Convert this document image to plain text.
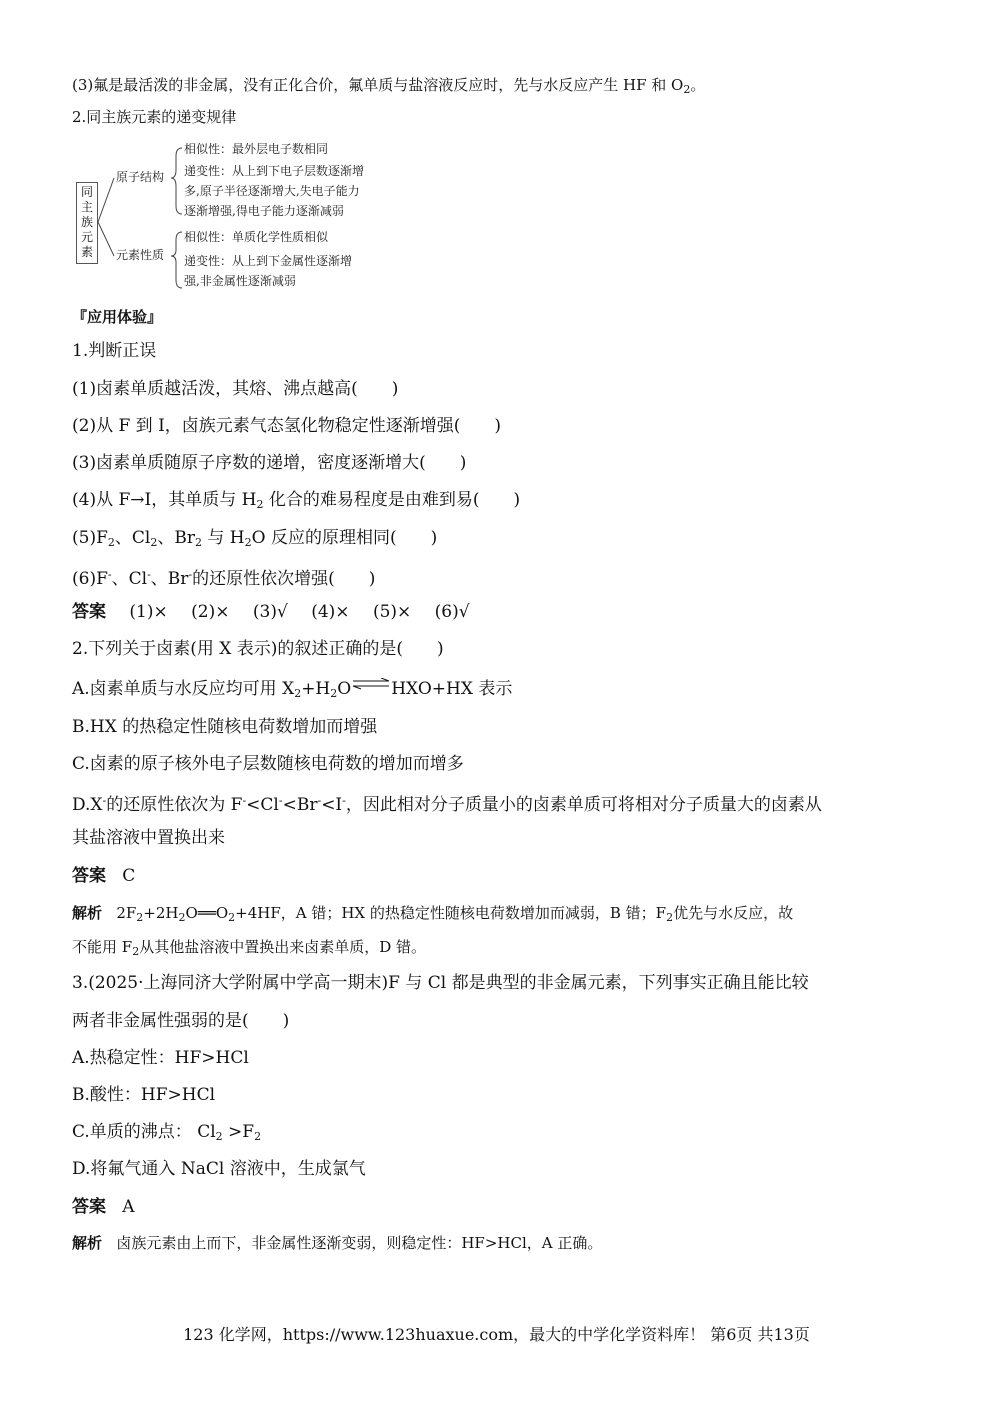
(3)氟是最活泼的非金属，没有正化合价，氟单质与盐溶液反应时，先与水反应产生 HF 和 $O_2$。
2.同主族元素的递变规律
同
主
族
元
素
原子结构
元素性质
相似性：最外层电子数相同
递变性：从上到下电子层数逐渐增
多,原子半径逐渐增大,失电子能力
逐渐增强,得电子能力逐渐减弱
相似性：单质化学性质相似
递变性：从上到下金属性逐渐增
强,非金属性逐渐减弱
『应用体验』
1.判断正误
(1)卤素单质越活泼，其熔、沸点越高(　　)
(2)从 F 到 I，卤族元素气态氢化物稳定性逐渐增强(　　)
(3)卤素单质随原子序数的递增，密度逐渐增大(　　)
(4)从 F→I，其单质与 $H_2$ 化合的难易程度是由难到易(　　)
$(5)F_2$、$Cl_2$、$Br_2$ 与 $H_2O$ 反应的原理相同(　　)
(6)F-、Cl-、Br-的还原性依次增强(　　)
答案 (1)× (2)× (3)√ (4)× (5)× (6)√
2.下列关于卤素(用 X 表示)的叙述正确的是(　　)
A.卤素单质与水反应均可用 $X_2+H_2O\rightleftharpoons HXO+HX$ 表示
B.HX 的热稳定性随核电荷数增加而增强
C.卤素的原子核外电子层数随核电荷数的增加而增多
D.X-的还原性依次为 F-<Cl-<Br-<I-，因此相对分子质量小的卤素单质可将相对分子质量大的卤素从
其盐溶液中置换出来
答案 C
解析 $2F_2+2H_2O══O_2+4HF$，A 错；HX 的热稳定性随核电荷数增加而减弱，B 错；$F_2$优先与水反应，故
不能用 $F_2$从其他盐溶液中置换出来卤素单质，D 错。
3.(2025·上海同济大学附属中学高一期末)F 与 Cl 都是典型的非金属元素，下列事实正确且能比较
两者非金属性强弱的是(　　)
A.热稳定性：HF>HCl
B.酸性：HF>HCl
C.单质的沸点： $Cl_2 >F_2$
D.将氟气通入 NaCl 溶液中，生成氯气
答案 A
解析 卤族元素由上而下，非金属性逐渐变弱，则稳定性：HF>HCl，A 正确。
123 化学网，https://www.123huaxue.com，最大的中学化学资料库！ 第6页 共13页
